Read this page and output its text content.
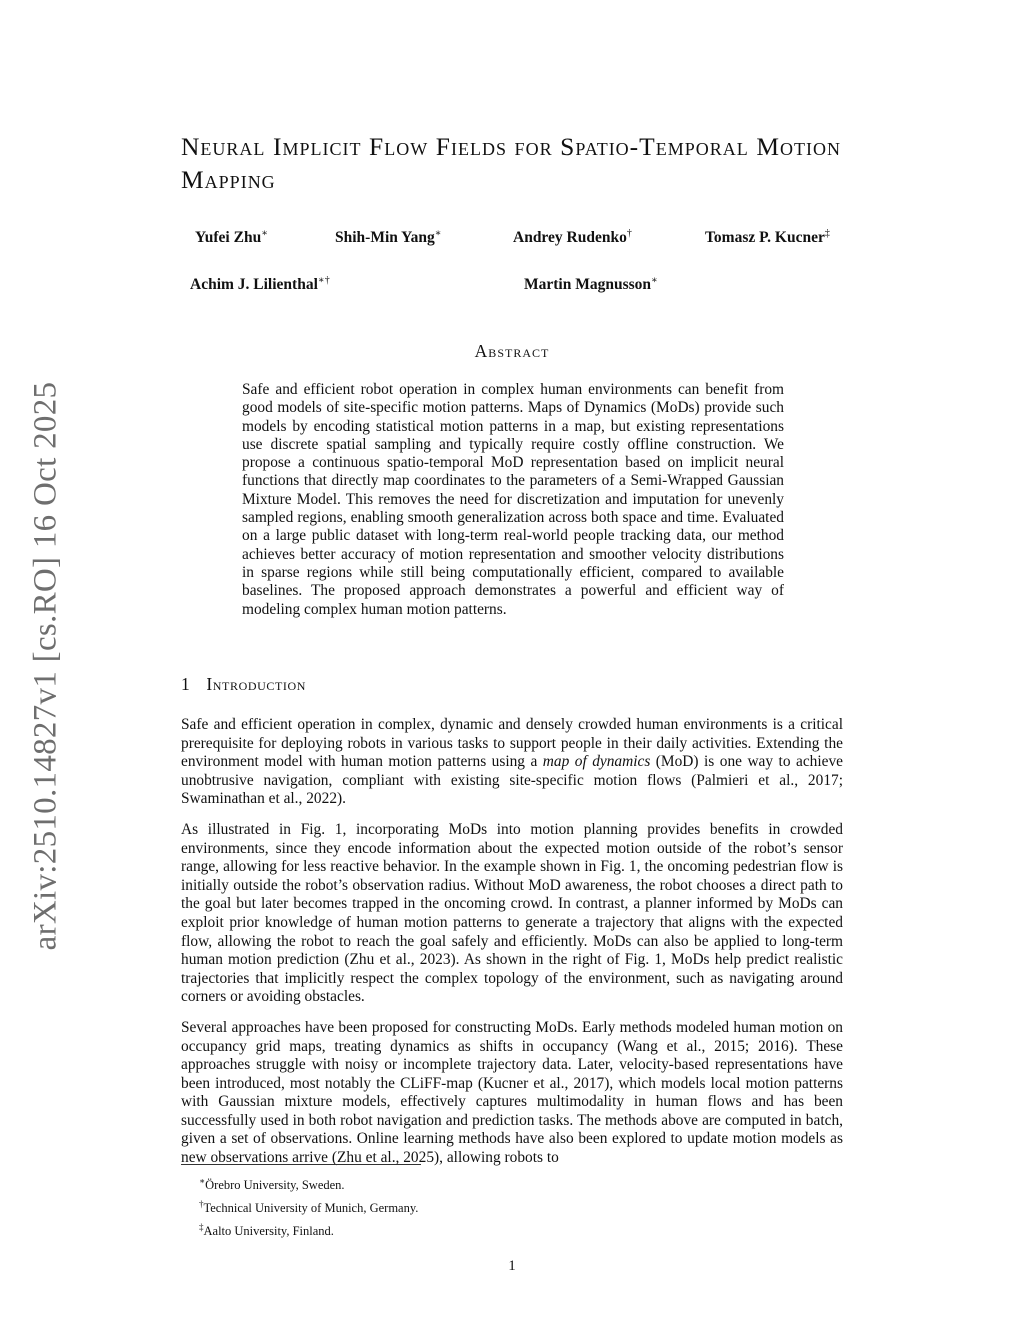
arXiv:2510.14827v1 [cs.RO] 16 Oct 2025
Neural Implicit Flow Fields for Spatio-Temporal Motion Mapping
Yufei Zhu∗	Shih-Min Yang∗	Andrey Rudenko†	Tomasz P. Kucner‡
Achim J. Lilienthal∗†	Martin Magnusson∗
Abstract

Safe and efficient robot operation in complex human environments can benefit from good models of site-specific motion patterns. Maps of Dynamics (MoDs) provide such models by encoding statistical motion patterns in a map, but existing representations use discrete spatial sampling and typically require costly offline construction. We propose a continuous spatio-temporal MoD representation based on implicit neural functions that directly map coordinates to the parameters of a Semi-Wrapped Gaussian Mixture Model. This removes the need for discretization and imputation for unevenly sampled regions, enabling smooth generalization across both space and time. Evaluated on a large public dataset with long-term real-world people tracking data, our method achieves better accuracy of motion representation and smoother velocity distributions in sparse regions while still being computationally efficient, compared to available baselines. The proposed approach demonstrates a powerful and efficient way of modeling complex human motion patterns.

1 Introduction

Safe and efficient operation in complex, dynamic and densely crowded human environments is a critical prerequisite for deploying robots in various tasks to support people in their daily activities. Extending the environment model with human motion patterns using a map of dynamics (MoD) is one way to achieve unobtrusive navigation, compliant with existing site-specific motion flows (Palmieri et al., 2017; Swaminathan et al., 2022).

As illustrated in Fig. 1, incorporating MoDs into motion planning provides benefits in crowded environments, since they encode information about the expected motion outside of the robot’s sensor range, allowing for less reactive behavior. In the example shown in Fig. 1, the oncoming pedestrian flow is initially outside the robot’s observation radius. Without MoD awareness, the robot chooses a direct path to the goal but later becomes trapped in the oncoming crowd. In contrast, a planner informed by MoDs can exploit prior knowledge of human motion patterns to generate a trajectory that aligns with the expected flow, allowing the robot to reach the goal safely and efficiently. MoDs can also be applied to long-term human motion prediction (Zhu et al., 2023). As shown in the right of Fig. 1, MoDs help predict realistic trajectories that implicitly respect the complex topology of the environment, such as navigating around corners or avoiding obstacles.

Several approaches have been proposed for constructing MoDs. Early methods modeled human motion on occupancy grid maps, treating dynamics as shifts in occupancy (Wang et al., 2015; 2016). These approaches struggle with noisy or incomplete trajectory data. Later, velocity-based representations have been introduced, most notably the CLiFF-map (Kucner et al., 2017), which models local motion patterns with Gaussian mixture models, effectively captures multimodality in human flows and has been successfully used in both robot navigation and prediction tasks. The methods above are computed in batch, given a set of observations. Online learning methods have also been explored to update motion models as new observations arrive (Zhu et al., 2025), allowing robots to

∗Örebro University, Sweden.
†Technical University of Munich, Germany.
‡Aalto University, Finland.
1
